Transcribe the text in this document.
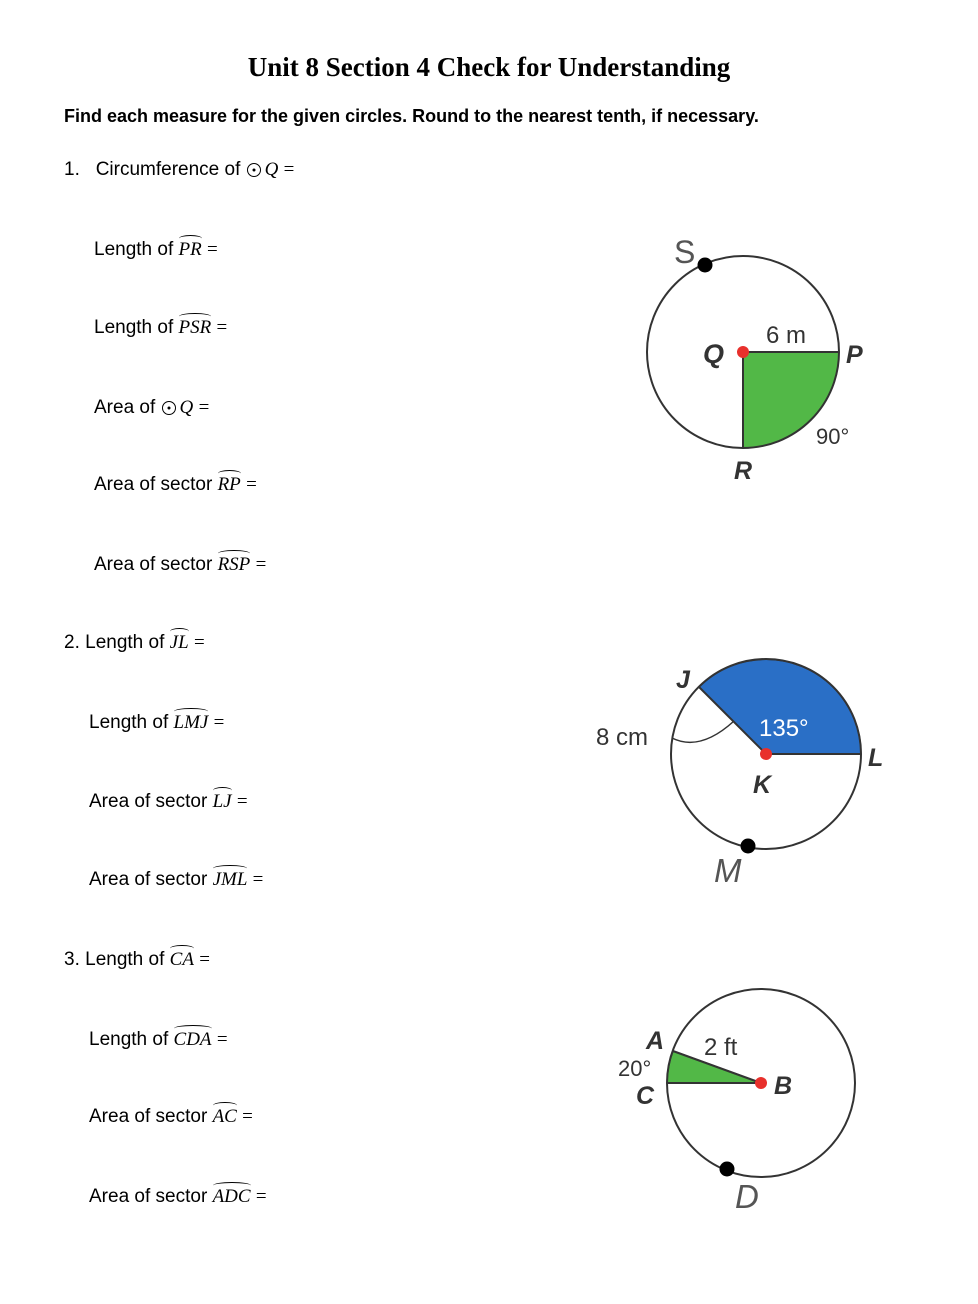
Unit 8 Section 4 Check for Understanding
Find each measure for the given circles. Round to the nearest tenth, if necessary.
1. Circumference of Q =
Length of PR =
Length of PSR =
Area of Q =
Area of sector RP =
Area of sector RSP =
2. Length of JL =
Length of LMJ =
Area of sector LJ =
Area of sector JML =
3. Length of CA =
Length of CDA =
Area of sector AC =
Area of sector ADC =
S
Q	P
R
6 m
90°
J
K
L
M
8 cm	135°
A
C	B
D
2 ft
20°
